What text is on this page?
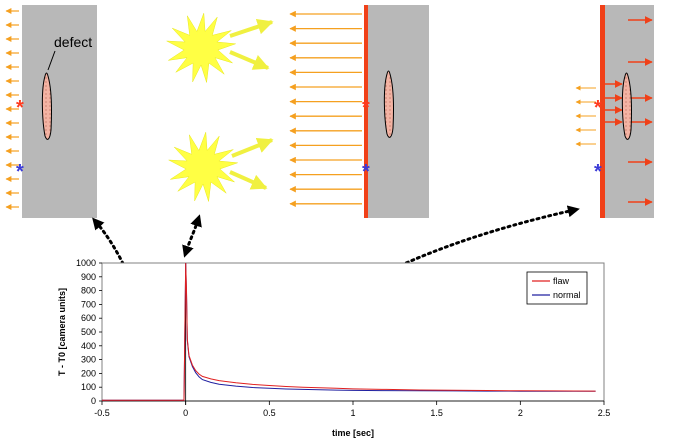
defect
*
*
*
*
*
*
-0.5	0	0.5	1	1.5	2	2.5
0
100
200
300
400
500
600
700
800
900
1000
time [sec]
T - T0 [camera units]
flaw
normal
